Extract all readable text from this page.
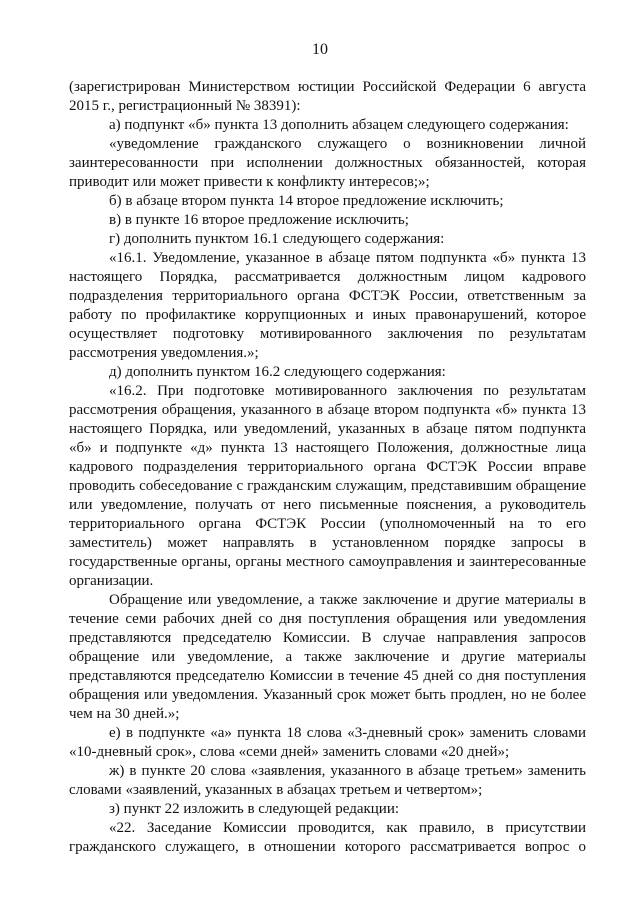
10
(зарегистрирован Министерством юстиции Российской Федерации 6 августа
2015 г., регистрационный № 38391):
а) подпункт «б» пункта 13 дополнить абзацем следующего содержания:
«уведомление гражданского служащего о возникновении личной
заинтересованности при исполнении должностных обязанностей, которая
приводит или может привести к конфликту интересов;»;
б) в абзаце втором пункта 14 второе предложение исключить;
в) в пункте 16 второе предложение исключить;
г) дополнить пунктом 16.1 следующего содержания:
«16.1. Уведомление, указанное в абзаце пятом подпункта «б» пункта 13
настоящего Порядка, рассматривается должностным лицом кадрового
подразделения территориального органа ФСТЭК России, ответственным за
работу по профилактике коррупционных и иных правонарушений, которое
осуществляет подготовку мотивированного заключения по результатам
рассмотрения уведомления.»;
д) дополнить пунктом 16.2 следующего содержания:
«16.2. При подготовке мотивированного заключения по результатам
рассмотрения обращения, указанного в абзаце втором подпункта «б» пункта 13
настоящего Порядка, или уведомлений, указанных в абзаце пятом подпункта
«б» и подпункте «д» пункта 13 настоящего Положения, должностные лица
кадрового подразделения территориального органа ФСТЭК России вправе
проводить собеседование с гражданским служащим, представившим обращение
или уведомление, получать от него письменные пояснения, а руководитель
территориального органа ФСТЭК России (уполномоченный на то его
заместитель) может направлять в установленном порядке запросы в
государственные органы, органы местного самоуправления и заинтересованные
организации.
Обращение или уведомление, а также заключение и другие материалы в
течение семи рабочих дней со дня поступления обращения или уведомления
представляются председателю Комиссии. В случае направления запросов
обращение или уведомление, а также заключение и другие материалы
представляются председателю Комиссии в течение 45 дней со дня поступления
обращения или уведомления. Указанный срок может быть продлен, но не более
чем на 30 дней.»;
е) в подпункте «а» пункта 18 слова «3-дневный срок» заменить словами
«10-дневный срок», слова «семи дней» заменить словами «20 дней»;
ж) в пункте 20 слова «заявления, указанного в абзаце третьем» заменить
словами «заявлений, указанных в абзацах третьем и четвертом»;
з) пункт 22 изложить в следующей редакции:
«22. Заседание Комиссии проводится, как правило, в присутствии
гражданского служащего, в отношении которого рассматривается вопрос о
